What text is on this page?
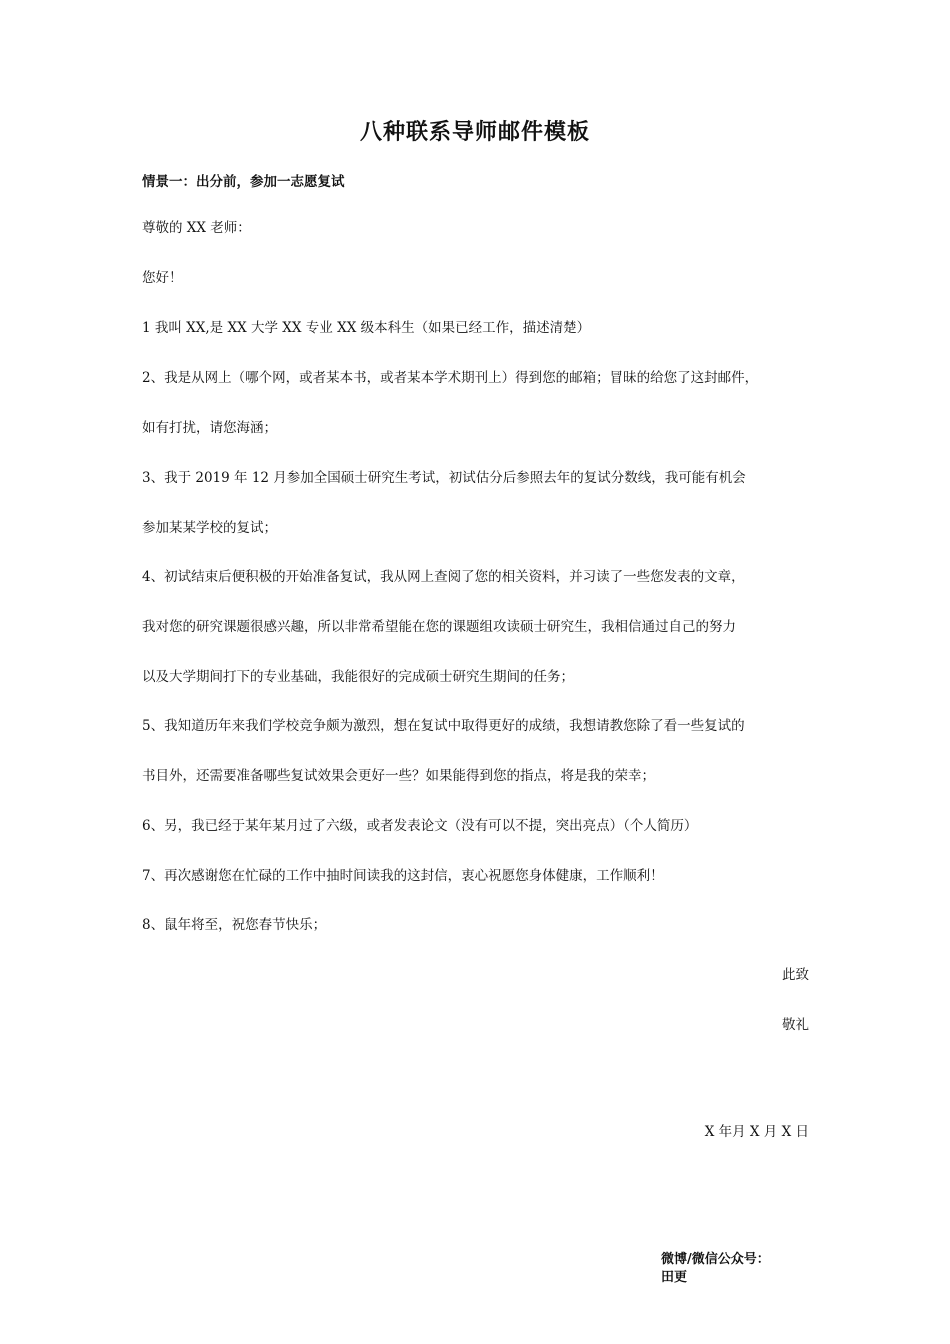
八种联系导师邮件模板

情景一：出分前，参加一志愿复试

尊敬的 XX 老师：

您好！

1 我叫 XX,是 XX 大学 XX 专业 XX 级本科生（如果已经工作，描述清楚）

2、我是从网上（哪个网，或者某本书，或者某本学术期刊上）得到您的邮箱；冒昧的给您了这封邮件，

如有打扰，请您海涵；

3、我于 2019 年 12 月参加全国硕士研究生考试，初试估分后参照去年的复试分数线，我可能有机会

参加某某学校的复试；

4、初试结束后便积极的开始准备复试，我从网上查阅了您的相关资料，并习读了一些您发表的文章，

我对您的研究课题很感兴趣，所以非常希望能在您的课题组攻读硕士研究生，我相信通过自己的努力

以及大学期间打下的专业基础，我能很好的完成硕士研究生期间的任务；

5、我知道历年来我们学校竞争颇为激烈，想在复试中取得更好的成绩，我想请教您除了看一些复试的

书目外，还需要准备哪些复试效果会更好一些？如果能得到您的指点，将是我的荣幸；

6、另，我已经于某年某月过了六级，或者发表论文（没有可以不提，突出亮点）（个人简历）

7、再次感谢您在忙碌的工作中抽时间读我的这封信，衷心祝愿您身体健康，工作顺利！

8、鼠年将至，祝您春节快乐；

此致

敬礼

X 年月 X 月 X 日

微博/微信公众号：
田更
